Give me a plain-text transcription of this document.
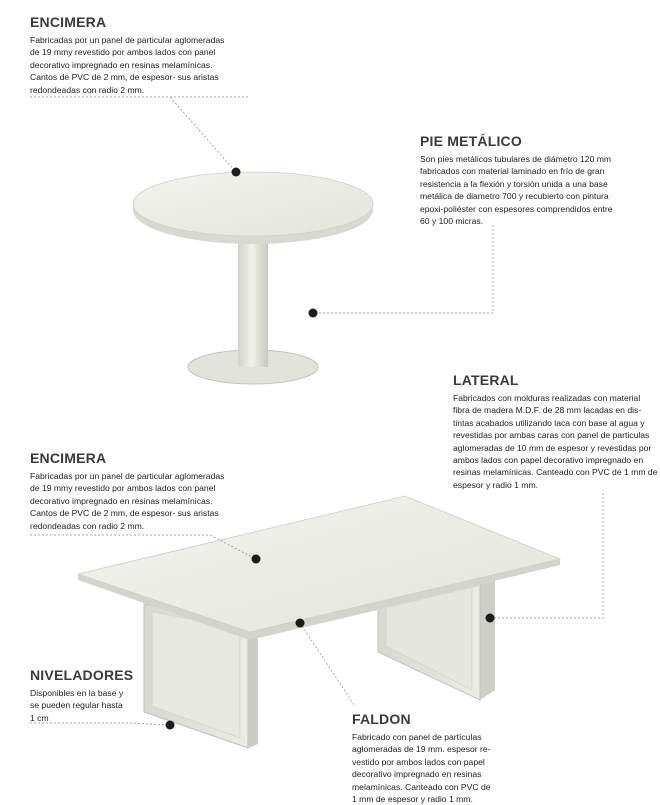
ENCIMERA

Fabricadas por un panel de particular aglomeradas

de 19 mmy revestido por ambos lados con panel

decorativo impregnado en resinas melamínicas.

Cantos de PVC de 2 mm, de espesor- sus aristas

redondeadas con radio 2 mm.

PIE METÁLICO

Son pies metálicos tubulares de diámetro 120 mm

fabricados con material laminado en frío de gran

resistencia a la flexión y torsión unida a una base

metálica de diametro 700 y recubierto con pintura

epoxi-poliéster con espesores comprendidos entre

60 y 100 micras.

LATERAL

Fabricados con molduras realizadas con material

fibra de madera M.D.F. de 28 mm lacadas en dis-

tintas acabados utilizando laca con base al agua y

revestidas por ambas caras con panel de particulas

aglomeradas de 10 mm de espesor y revestidas por

ambos lados con papel decorativo impregnado en

resinas melamínicas. Canteado con PVC de 1 mm de

espesor y radio 1 mm.

ENCIMERA

Fabricadas por un panel de particular aglomeradas

de 19 mmy revestido por ambos lados con panel

decorativo impregnado en resinas melamínicas.

Cantos de PVC de 2 mm, de espesor- sus aristas

redondeadas con radio 2 mm.

NIVELADORES

Disponibles en la base y

se pueden regular hasta

1 cm	FALDON

Fabricado con panel de partículas

aglomeradas de 19 mm. espesor re-

vestido por ambos lados con papel

decorativo impregnado en resinas

melamínicas. Canteado con PVC de

1 mm de espesor y radio 1 mm.
